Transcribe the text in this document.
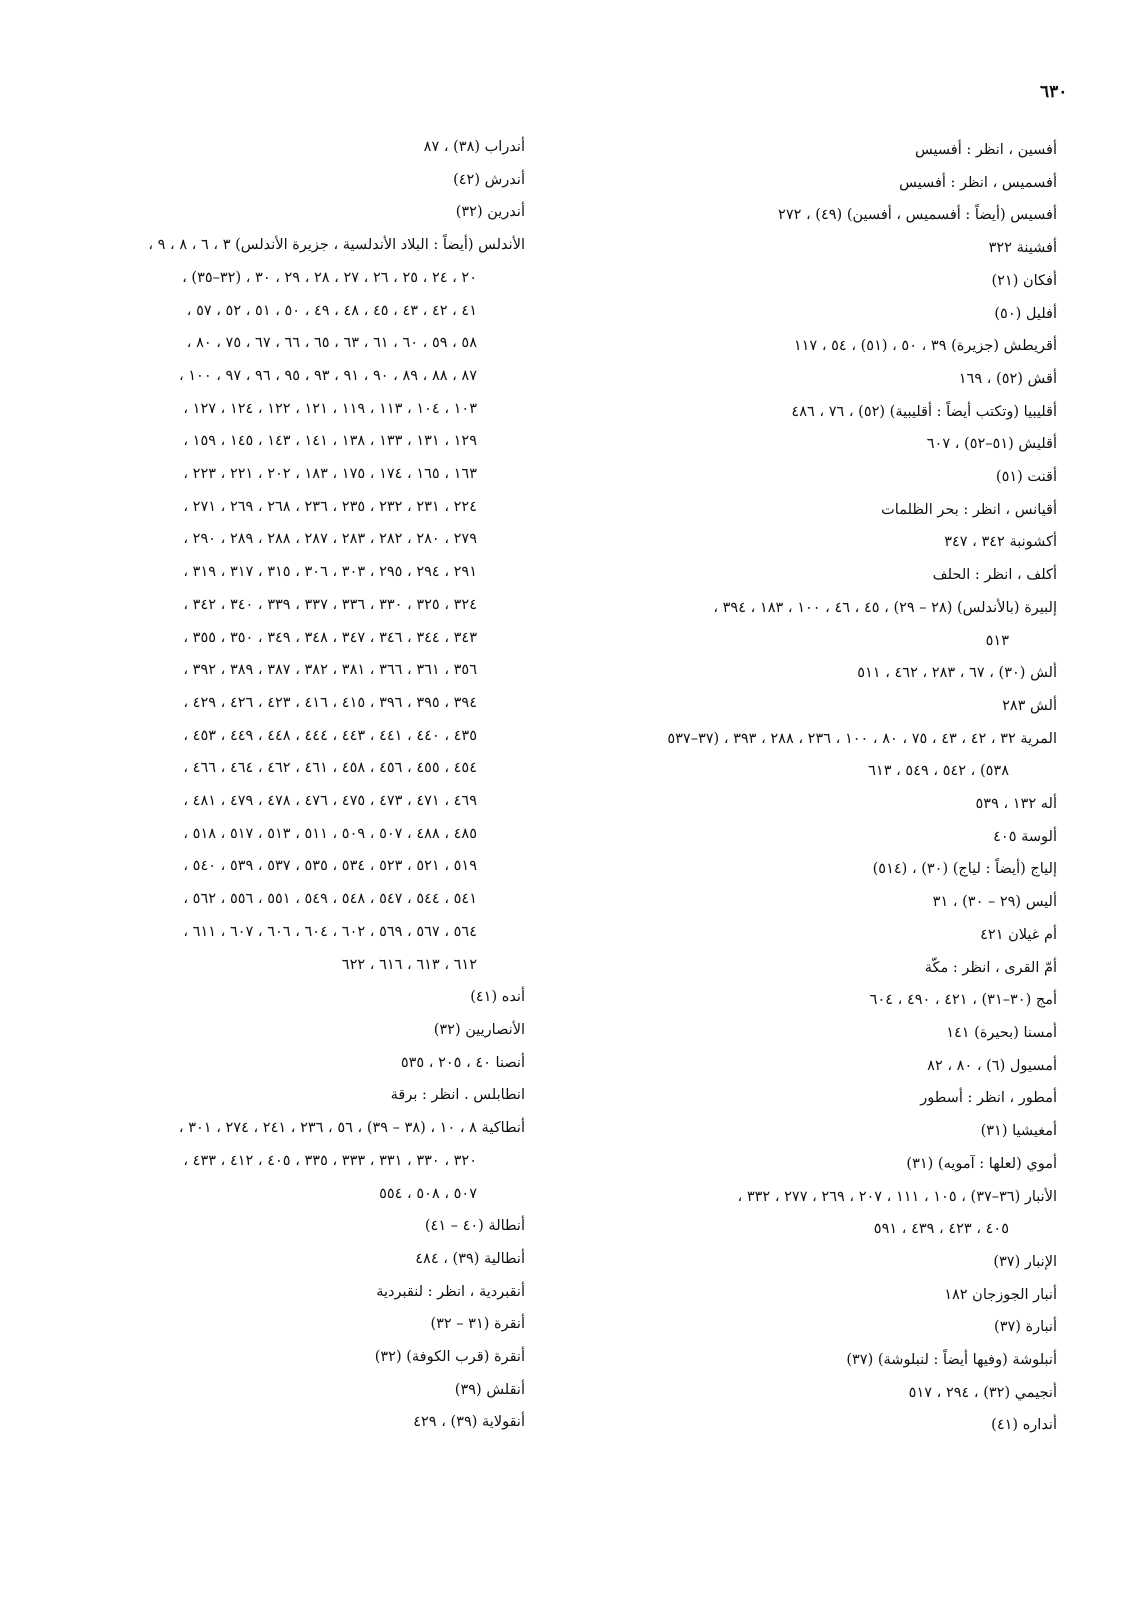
٦٣٠
أفسين ، انظر : أفسيس
أفسميس ، انظر : أفسيس
أفسيس (أيضاً : أفسميس ، أفسين) (٤٩) ، ٢٧٢
أفشينة ٣٢٢
أفكان (٢١)
أفليل (٥٠)
أقريطش (جزيرة) ٣٩ ، ٥٠ ، (٥١) ، ٥٤ ، ١١٧
أقش (٥٢) ، ١٦٩
أقليبيا (وتكتب أيضاً : أقليبية) (٥٢) ، ٧٦ ، ٤٨٦
أقليش (٥١–٥٢) ، ٦٠٧
أقنت (٥١)
أقيانس ، انظر : بحر الظلمات
أكشونبة ٣٤٢ ، ٣٤٧
أكلف ، انظر : الحلف
إلبيرة (بالأندلس) (٢٨ – ٢٩) ، ٤٥ ، ٤٦ ، ١٠٠ ، ١٨٣ ، ٣٩٤ ،
٥١٣
ألش (٣٠) ، ٦٧ ، ٢٨٣ ، ٤٦٢ ، ٥١١
ألش ٢٨٣
المرية ٣٢ ، ٤٢ ، ٤٣ ، ٧٥ ، ٨٠ ، ١٠٠ ، ٢٣٦ ، ٢٨٨ ، ٣٩٣ ، (٣٧–٥٣٧
٥٣٨) ، ٥٤٢ ، ٥٤٩ ، ٦١٣
أله ١٣٢ ، ٥٣٩
ألوسة ٤٠٥
إلياج (أيضاً : لياج) (٣٠) ، (٥١٤)
أليس (٢٩ – ٣٠) ، ٣١
أم غيلان ٤٢١
أمّ القرى ، انظر : مكّة
أمج (٣٠–٣١) ، ٤٢١ ، ٤٩٠ ، ٦٠٤
أمسنا (بحيرة) ١٤١
أمسيول (٦) ، ٨٠ ، ٨٢
أمطور ، انظر : أسطور
أمغيشيا (٣١)
أموي (لعلها : آمويه) (٣١)
الأنبار (٣٦–٣٧) ، ١٠٥ ، ١١١ ، ٢٠٧ ، ٢٦٩ ، ٢٧٧ ، ٣٣٢ ،
٤٠٥ ، ٤٢٣ ، ٤٣٩ ، ٥٩١
الإنبار (٣٧)
أنبار الجوزجان ١٨٢
أنبارة (٣٧)
أنبلوشة (وفيها أيضاً : لنبلوشة) (٣٧)
أنجيمي (٣٢) ، ٢٩٤ ، ٥١٧
أنداره (٤١)
أندراب (٣٨) ، ٨٧
أندرش (٤٢)
أندرين (٣٢)
الأندلس (أيضاً : البلاد الأندلسية ، جزيرة الأندلس) ٣ ، ٦ ، ٨ ، ٩ ،
٢٠ ، ٢٤ ، ٢٥ ، ٢٦ ، ٢٧ ، ٢٨ ، ٢٩ ، ٣٠ ، (٣٢–٣٥) ،
٤١ ، ٤٢ ، ٤٣ ، ٤٥ ، ٤٨ ، ٤٩ ، ٥٠ ، ٥١ ، ٥٢ ، ٥٧ ،
٥٨ ، ٥٩ ، ٦٠ ، ٦١ ، ٦٣ ، ٦٥ ، ٦٦ ، ٦٧ ، ٧٥ ، ٨٠ ،
٨٧ ، ٨٨ ، ٨٩ ، ٩٠ ، ٩١ ، ٩٣ ، ٩٥ ، ٩٦ ، ٩٧ ، ١٠٠ ،
١٠٣ ، ١٠٤ ، ١١٣ ، ١١٩ ، ١٢١ ، ١٢٢ ، ١٢٤ ، ١٢٧ ،
١٢٩ ، ١٣١ ، ١٣٣ ، ١٣٨ ، ١٤١ ، ١٤٣ ، ١٤٥ ، ١٥٩ ،
١٦٣ ، ١٦٥ ، ١٧٤ ، ١٧٥ ، ١٨٣ ، ٢٠٢ ، ٢٢١ ، ٢٢٣ ،
٢٢٤ ، ٢٣١ ، ٢٣٢ ، ٢٣٥ ، ٢٣٦ ، ٢٦٨ ، ٢٦٩ ، ٢٧١ ،
٢٧٩ ، ٢٨٠ ، ٢٨٢ ، ٢٨٣ ، ٢٨٧ ، ٢٨٨ ، ٢٨٩ ، ٢٩٠ ،
٢٩١ ، ٢٩٤ ، ٢٩٥ ، ٣٠٣ ، ٣٠٦ ، ٣١٥ ، ٣١٧ ، ٣١٩ ،
٣٢٤ ، ٣٢٥ ، ٣٣٠ ، ٣٣٦ ، ٣٣٧ ، ٣٣٩ ، ٣٤٠ ، ٣٤٢ ،
٣٤٣ ، ٣٤٤ ، ٣٤٦ ، ٣٤٧ ، ٣٤٨ ، ٣٤٩ ، ٣٥٠ ، ٣٥٥ ،
٣٥٦ ، ٣٦١ ، ٣٦٦ ، ٣٨١ ، ٣٨٢ ، ٣٨٧ ، ٣٨٩ ، ٣٩٢ ،
٣٩٤ ، ٣٩٥ ، ٣٩٦ ، ٤١٥ ، ٤١٦ ، ٤٢٣ ، ٤٢٦ ، ٤٢٩ ،
٤٣٥ ، ٤٤٠ ، ٤٤١ ، ٤٤٣ ، ٤٤٤ ، ٤٤٨ ، ٤٤٩ ، ٤٥٣ ،
٤٥٤ ، ٤٥٥ ، ٤٥٦ ، ٤٥٨ ، ٤٦١ ، ٤٦٢ ، ٤٦٤ ، ٤٦٦ ،
٤٦٩ ، ٤٧١ ، ٤٧٣ ، ٤٧٥ ، ٤٧٦ ، ٤٧٨ ، ٤٧٩ ، ٤٨١ ،
٤٨٥ ، ٤٨٨ ، ٥٠٧ ، ٥٠٩ ، ٥١١ ، ٥١٣ ، ٥١٧ ، ٥١٨ ،
٥١٩ ، ٥٢١ ، ٥٢٣ ، ٥٣٤ ، ٥٣٥ ، ٥٣٧ ، ٥٣٩ ، ٥٤٠ ،
٥٤١ ، ٥٤٤ ، ٥٤٧ ، ٥٤٨ ، ٥٤٩ ، ٥٥١ ، ٥٥٦ ، ٥٦٢ ،
٥٦٤ ، ٥٦٧ ، ٥٦٩ ، ٦٠٢ ، ٦٠٤ ، ٦٠٦ ، ٦٠٧ ، ٦١١ ،
٦١٢ ، ٦١٣ ، ٦١٦ ، ٦٢٢
أنده (٤١)
الأنصاريين (٣٢)
أنصنا ٤٠ ، ٢٠٥ ، ٥٣٥
انطابلس . انظر : برقة
أنطاكية ٨ ، ١٠ ، (٣٨ – ٣٩) ، ٥٦ ، ٢٣٦ ، ٢٤١ ، ٢٧٤ ، ٣٠١ ،
٣٢٠ ، ٣٣٠ ، ٣٣١ ، ٣٣٣ ، ٣٣٥ ، ٤٠٥ ، ٤١٢ ، ٤٣٣ ،
٥٠٧ ، ٥٠٨ ، ٥٥٤
أنطالة (٤٠ – ٤١)
أنطالية (٣٩) ، ٤٨٤
أنقبردية ، انظر : لنقبردية
أنقرة (٣١ – ٣٢)
أنقرة (قرب الكوفة) (٣٢)
أنقلش (٣٩)
أنقولاية (٣٩) ، ٤٢٩
